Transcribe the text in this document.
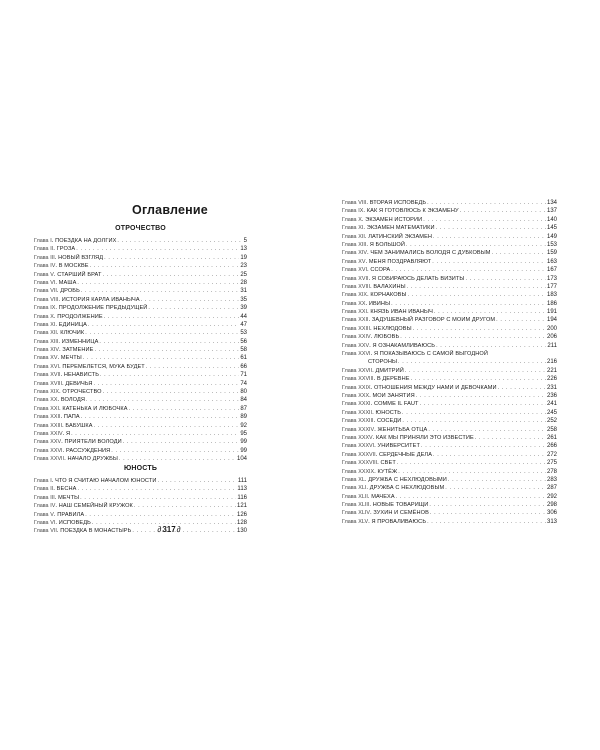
Оглавление
ОТРОЧЕСТВО
Глава I. ПОЕЗДКА НА ДОЛГИХ . . .	5
Глава II. ГРОЗА . . .	13
Глава III. НОВЫЙ ВЗГЛЯД . . .	19
Глава IV. В МОСКВЕ . . .	23
Глава V. СТАРШИЙ БРАТ . . .	25
Глава VI. МАША . . .	28
Глава VII. ДРОБЬ . . .	31
Глава VIII. ИСТОРИЯ КАРЛА ИВАНЫЧА . . .	35
Глава IX. ПРОДОЛЖЕНИЕ ПРЕДЫДУЩЕЙ . . .	39
Глава X. ПРОДОЛЖЕНИЕ . . .	44
Глава XI. ЕДИНИЦА . . .	47
Глава XII. КЛЮЧИК . . .	53
Глава XIII. ИЗМЕННИЦА . . .	56
Глава XIV. ЗАТМЕНИЕ . . .	58
Глава XV. МЕЧТЫ . . .	61
Глава XVI. ПЕРЕМЕЛЕТСЯ, МУКА БУДЕТ . . .	66
Глава XVII. НЕНАВИСТЬ . . .	71
Глава XVIII. ДЕВИЧЬЯ . . .	74
Глава XIX. ОТРОЧЕСТВО . . .	80
Глава XX. ВОЛОДЯ . . .	84
Глава XXI. КАТЕНЬКА И ЛЮБОЧКА . . .	87
Глава XXII. ПАПА . . .	89
Глава XXIII. БАБУШКА . . .	92
Глава XXIV. Я . . .	95
Глава XXV. ПРИЯТЕЛИ ВОЛОДИ . . .	99
Глава XXVI. РАССУЖДЕНИЯ . . .	99
Глава XXVII. НАЧАЛО ДРУЖБЫ . . .	104
ЮНОСТЬ
Глава I. ЧТО Я СЧИТАЮ НАЧАЛОМ ЮНОСТИ . . .	111
Глава II. ВЕСНА . . .	113
Глава III. МЕЧТЫ . . .	116
Глава IV. НАШ СЕМЕЙНЫЙ КРУЖОК . . .	121
Глава V. ПРАВИЛА . . .	126
Глава VI. ИСПОВЕДЬ . . .	128
Глава VII. ПОЕЗДКА В МОНАСТЫРЬ . . .	130
Глава VIII. ВТОРАЯ ИСПОВЕДЬ . . .	134
Глава IX. КАК Я ГОТОВЛЮСЬ К ЭКЗАМЕНУ . . .	137
Глава X. ЭКЗАМЕН ИСТОРИИ . . .	140
Глава XI. ЭКЗАМЕН МАТЕМАТИКИ . . .	145
Глава XII. ЛАТИНСКИЙ ЭКЗАМЕН . . .	149
Глава XIII. Я БОЛЬШОЙ . . .	153
Глава XIV. ЧЕМ ЗАНИМАЛИСЬ ВОЛОДЯ С ДУБКОВЫМ . . .	159
Глава XV. МЕНЯ ПОЗДРАВЛЯЮТ . . .	163
Глава XVI. ССОРА . . .	167
Глава XVII. Я СОБИРАЮСЬ ДЕЛАТЬ ВИЗИТЫ . . .	173
Глава XVIII. ВАЛАХИНЫ . . .	177
Глава XIX. КОРНАКОВЫ . . .	183
Глава XX. ИВИНЫ . . .	186
Глава XXI. КНЯЗЬ ИВАН ИВАНЫЧ . . .	191
Глава XXII. ЗАДУШЕВНЫЙ РАЗГОВОР С МОИМ ДРУГОМ . . .	194
Глава XXIII. НЕХЛЮДОВЫ . . .	200
Глава XXIV. ЛЮБОВЬ . . .	206
Глава XXV. Я ОЗНАКАМЛИВАЮСЬ . . .	211
Глава XXVI. Я ПОКАЗЫВАЮСЬ С САМОЙ ВЫГОДНОЙ
СТОРОНЫ . . .	216
Глава XXVII. ДМИТРИЙ . . .	221
Глава XXVIII. В ДЕРЕВНЕ . . .	226
Глава XXIX. ОТНОШЕНИЯ МЕЖДУ НАМИ И ДЕВОЧКАМИ . . .	231
Глава XXX. МОИ ЗАНЯТИЯ . . .	236
Глава XXXI. COMME IL FAUT . . .	241
Глава XXXII. ЮНОСТЬ . . .	245
Глава XXXIII. СОСЕДИ . . .	252
Глава XXXIV. ЖЕНИТЬБА ОТЦА . . .	258
Глава XXXV. КАК МЫ ПРИНЯЛИ ЭТО ИЗВЕСТИЕ . . .	261
Глава XXXVI. УНИВЕРСИТЕТ . . .	266
Глава XXXVII. СЕРДЕЧНЫЕ ДЕЛА . . .	272
Глава XXXVIII. СВЕТ . . .	275
Глава XXXIX. КУТЁЖ . . .	278
Глава XL. ДРУЖБА С НЕХЛЮДОВЫМИ . . .	283
Глава XLI. ДРУЖБА С НЕХЛЮДОВЫМ . . .	287
Глава XLII. МАЧЕХА . . .	292
Глава XLIII. НОВЫЕ ТОВАРИЩИ . . .	298
Глава XLIV. ЗУХИН И СЕМЁНОВ . . .	306
Глава XLV. Я ПРОВАЛИВАЮСЬ . . .	313
∂317∂
